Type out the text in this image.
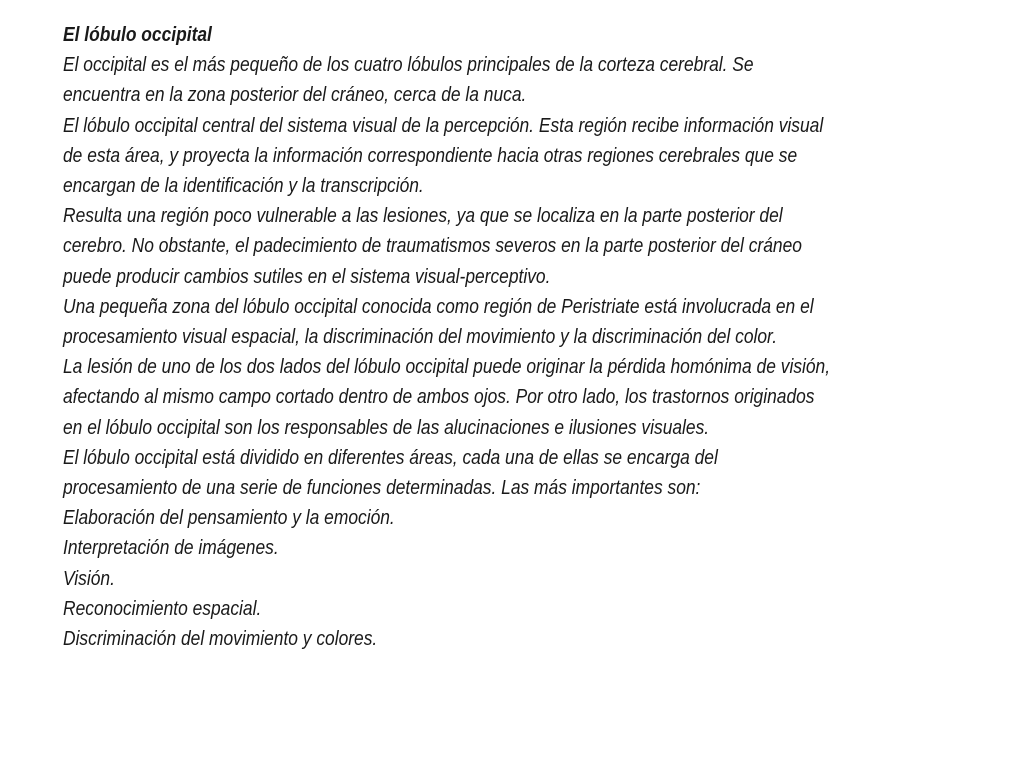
El lóbulo occipital
El occipital es el más pequeño de los cuatro lóbulos principales de la corteza cerebral. Se
encuentra en la zona posterior del cráneo, cerca de la nuca.
El lóbulo occipital central del sistema visual de la percepción. Esta región recibe información visual
de esta área, y proyecta la información correspondiente hacia otras regiones cerebrales que se
encargan de la identificación y la transcripción.
Resulta una región poco vulnerable a las lesiones, ya que se localiza en la parte posterior del
cerebro. No obstante, el padecimiento de traumatismos severos en la parte posterior del cráneo
puede producir cambios sutiles en el sistema visual-perceptivo.
Una pequeña zona del lóbulo occipital conocida como región de Peristriate está involucrada en el
procesamiento visual espacial, la discriminación del movimiento y la discriminación del color.
La lesión de uno de los dos lados del lóbulo occipital puede originar la pérdida homónima de visión,
afectando al mismo campo cortado dentro de ambos ojos. Por otro lado, los trastornos originados
en el lóbulo occipital son los responsables de las alucinaciones e ilusiones visuales.
El lóbulo occipital está dividido en diferentes áreas, cada una de ellas se encarga del
procesamiento de una serie de funciones determinadas. Las más importantes son:
Elaboración del pensamiento y la emoción.
Interpretación de imágenes.
Visión.
Reconocimiento espacial.
Discriminación del movimiento y colores.
